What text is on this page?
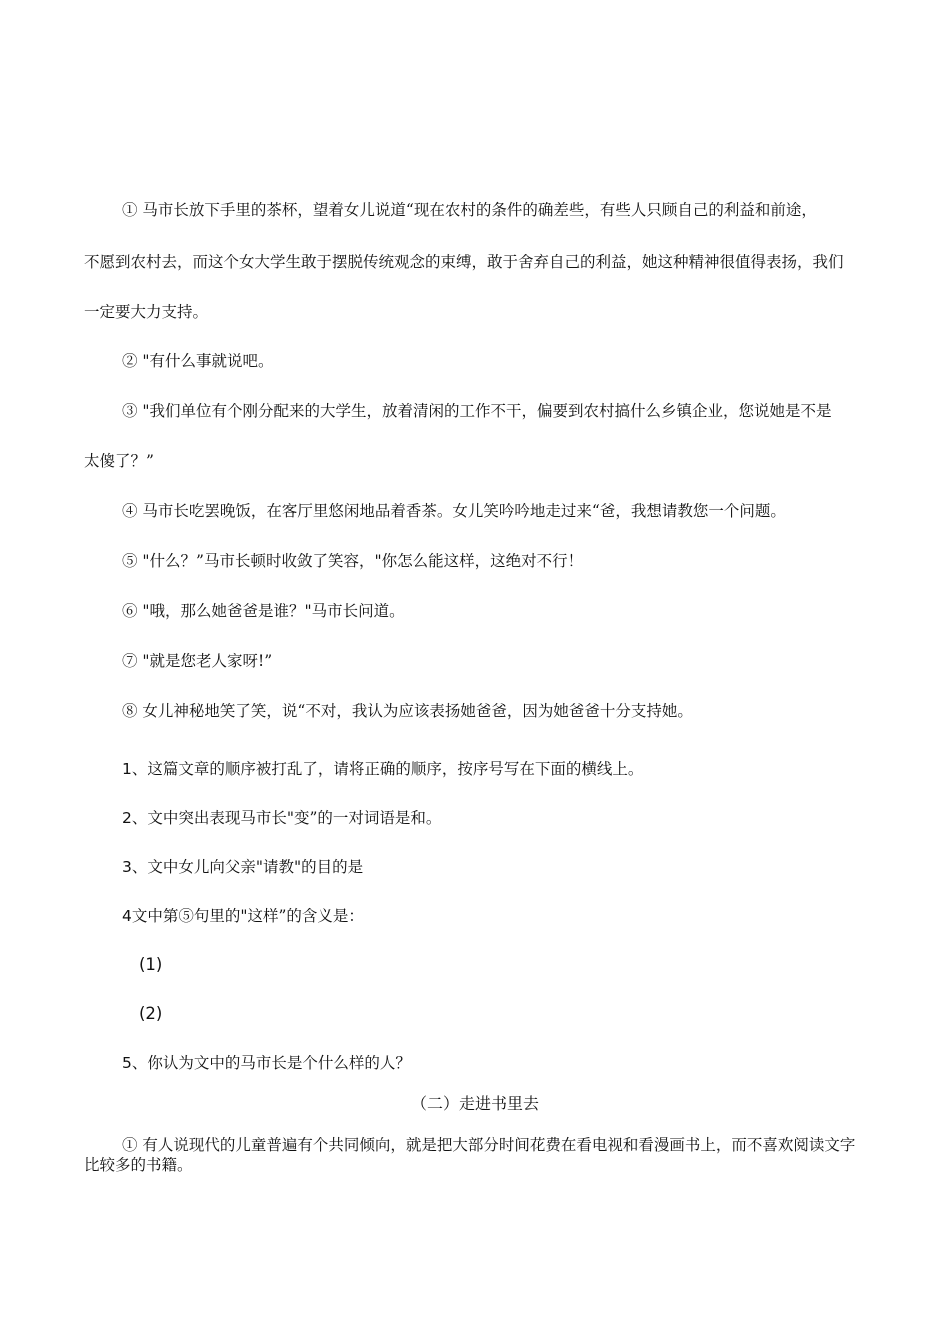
① 马市长放下手里的茶杯，望着女儿说道“现在农村的条件的确差些，有些人只顾自己的利益和前途，
不愿到农村去，而这个女大学生敢于摆脱传统观念的束缚，敢于舍弃自己的利益，她这种精神很值得表扬，我们
一定要大力支持。
② "有什么事就说吧。
③ "我们单位有个刚分配来的大学生，放着清闲的工作不干，偏要到农村搞什么乡镇企业，您说她是不是
太傻了？”
④ 马市长吃罢晚饭，在客厅里悠闲地品着香茶。女儿笑吟吟地走过来“爸，我想请教您一个问题。
⑤ "什么？”马市长顿时收敛了笑容，"你怎么能这样，这绝对不行！
⑥ "哦，那么她爸爸是谁？"马市长问道。
⑦ "就是您老人家呀!”
⑧ 女儿神秘地笑了笑，说“不对，我认为应该表扬她爸爸，因为她爸爸十分支持她。
1、这篇文章的顺序被打乱了，请将正确的顺序，按序号写在下面的横线上。
2、文中突出表现马市长"变”的一对词语是和。
3、文中女儿向父亲"请教"的目的是
4文中第⑤句里的"这样”的含义是：
(1)
(2)
5、你认为文中的马市长是个什么样的人？
（二）走进书里去
① 有人说现代的儿童普遍有个共同倾向，就是把大部分时间花费在看电视和看漫画书上，而不喜欢阅读文字比较多的书籍。
